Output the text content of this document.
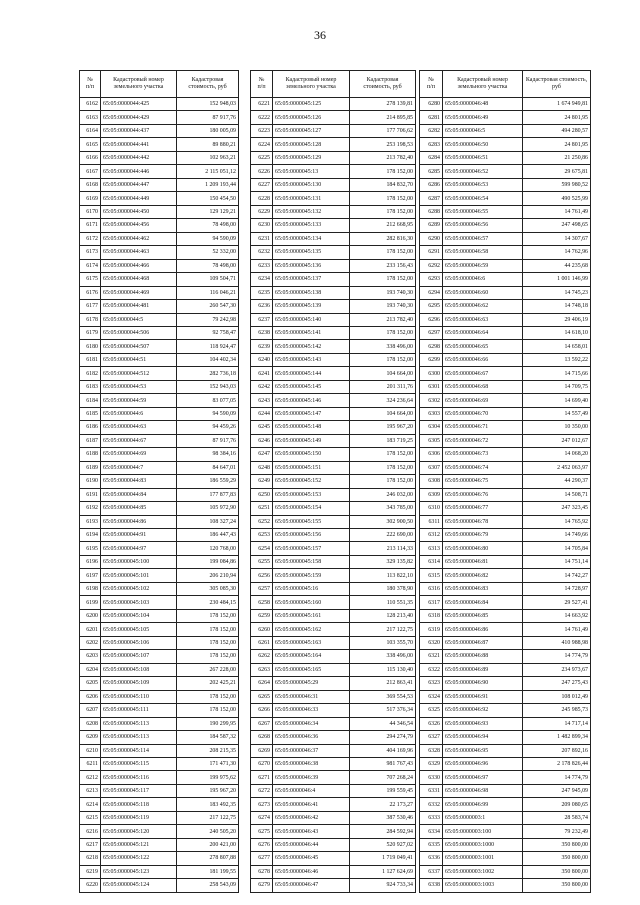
36
№
п/п	Кадастровый номер земельного участка	Кадастровая стоимость, руб
6162	65:05:0000044:425	152 948,03
6163	65:05:0000044:429	87 917,76
6164	65:05:0000044:437	180 005,09
6165	65:05:0000044:441	89 880,21
6166	65:05:0000044:442	102 963,21
6167	65:05:0000044:446	2 115 051,12
6168	65:05:0000044:447	1 209 193,44
6169	65:05:0000044:449	150 454,50
6170	65:05:0000044:450	129 129,21
6171	65:05:0000044:456	78 498,00
6172	65:05:0000044:462	94 590,09
6173	65:05:0000044:463	52 332,00
6174	65:05:0000044:466	78 498,00
6175	65:05:0000044:468	109 504,71
6176	65:05:0000044:469	116 046,21
6177	65:05:0000044:481	260 547,30
6178	65:05:0000044:5	79 242,98
6179	65:05:0000044:506	92 758,47
6180	65:05:0000044:507	118 924,47
6181	65:05:0000044:51	104 402,34
6182	65:05:0000044:512	282 736,18
6183	65:05:0000044:53	152 943,03
6184	65:05:0000044:59	83 077,05
6185	65:05:0000044:6	94 590,09
6186	65:05:0000044:63	94 459,26
6187	65:05:0000044:67	87 917,76
6188	65:05:0000044:69	98 384,16
6189	65:05:0000044:7	84 647,01
6190	65:05:0000044:83	186 559,29
6191	65:05:0000044:84	177 877,83
6192	65:05:0000044:85	105 972,90
6193	65:05:0000044:86	108 327,24
6194	65:05:0000044:91	186 447,43
6195	65:05:0000044:97	120 768,00
6196	65:05:0000045:100	199 084,86
6197	65:05:0000045:101	206 210,94
6198	65:05:0000045:102	305 085,30
6199	65:05:0000045:103	230 484,15
6200	65:05:0000045:104	178 152,00
6201	65:05:0000045:105	178 152,00
6202	65:05:0000045:106	178 152,00
6203	65:05:0000045:107	178 152,00
6204	65:05:0000045:108	267 228,00
6205	65:05:0000045:109	202 425,21
6206	65:05:0000045:110	178 152,00
6207	65:05:0000045:111	178 152,00
6208	65:05:0000045:113	190 299,95
6209	65:05:0000045:113	184 587,32
6210	65:05:0000045:114	208 215,35
6211	65:05:0000045:115	171 471,30
6212	65:05:0000045:116	199 975,62
6213	65:05:0000045:117	195 967,20
6214	65:05:0000045:118	183 492,35
6215	65:05:0000045:119	217 122,75
6216	65:05:0000045:120	240 505,20
6217	65:05:0000045:121	200 421,00
6218	65:05:0000045:122	278 807,88
6219	65:05:0000045:123	181 199,55
6220	65:05:0000045:124	258 543,09
№
п/п	Кадастровый номер земельного участка	Кадастровая стоимость, руб
6221	65:05:0000045:125	278 139,81
6222	65:05:0000045:126	214 895,85
6223	65:05:0000045:127	177 706,62
6224	65:05:0000045:128	253 198,53
6225	65:05:0000045:129	213 782,40
6226	65:05:0000045:13	178 152,00
6227	65:05:0000045:130	184 832,70
6228	65:05:0000045:131	178 152,00
6229	65:05:0000045:132	178 152,00
6230	65:05:0000045:133	212 668,95
6231	65:05:0000045:134	282 816,30
6232	65:05:0000045:135	178 152,00
6233	65:05:0000045:136	233 156,43
6234	65:05:0000045:137	178 152,00
6235	65:05:0000045:138	193 740,30
6236	65:05:0000045:139	193 740,30
6237	65:05:0000045:140	213 782,40
6238	65:05:0000045:141	178 152,00
6239	65:05:0000045:142	338 496,00
6240	65:05:0000045:143	178 152,00
6241	65:05:0000045:144	104 664,00
6242	65:05:0000045:145	201 311,76
6243	65:05:0000045:146	324 236,64
6244	65:05:0000045:147	104 664,00
6245	65:05:0000045:148	195 967,20
6246	65:05:0000045:149	183 719,25
6247	65:05:0000045:150	178 152,00
6248	65:05:0000045:151	178 152,00
6249	65:05:0000045:152	178 152,00
6250	65:05:0000045:153	246 032,00
6251	65:05:0000045:154	343 785,00
6252	65:05:0000045:155	302 900,50
6253	65:05:0000045:156	222 690,00
6254	65:05:0000045:157	213 114,33
6255	65:05:0000045:158	329 135,82
6256	65:05:0000045:159	113 822,10
6257	65:05:0000045:16	180 378,90
6258	65:05:0000045:160	110 551,35
6259	65:05:0000045:161	128 213,40
6260	65:05:0000045:162	217 122,75
6261	65:05:0000045:163	103 355,70
6262	65:05:0000045:164	338 496,00
6263	65:05:0000045:165	115 130,40
6264	65:05:0000045:29	212 863,41
6265	65:05:0000046:31	369 554,53
6266	65:05:0000046:33	517 376,34
6267	65:05:0000046:34	44 346,54
6268	65:05:0000046:36	294 274,79
6269	65:05:0000046:37	404 169,96
6270	65:05:0000046:38	981 767,43
6271	65:05:0000046:39	707 268,24
6272	65:05:0000046:4	199 559,45
6273	65:05:0000046:41	22 173,27
6274	65:05:0000046:42	387 530,46
6275	65:05:0000046:43	284 592,94
6276	65:05:0000046:44	520 927,02
6277	65:05:0000046:45	1 719 049,41
6278	65:05:0000046:46	1 127 624,69
6279	65:05:0000046:47	924 733,34
№
п/п	Кадастровый номер земельного участка	Кадастровая стоимость, руб
6280	65:05:0000046:48	1 674 949,81
6281	65:05:0000046:49	24 801,95
6282	65:05:0000046:5	494 280,57
6283	65:05:0000046:50	24 801,95
6284	65:05:0000046:51	21 250,86
6285	65:05:0000046:52	29 675,81
6286	65:05:0000046:53	599 980,52
6287	65:05:0000046:54	490 525,99
6288	65:05:0000046:55	14 761,49
6289	65:05:0000046:56	247 498,65
6290	65:05:0000046:57	14 307,67
6291	65:05:0000046:58	14 762,96
6292	65:05:0000046:59	44 235,68
6293	65:05:0000046:6	1 001 146,99
6294	65:05:0000046:60	14 745,23
6295	65:05:0000046:62	14 748,18
6296	65:05:0000046:63	29 406,19
6297	65:05:0000046:64	14 618,10
6298	65:05:0000046:65	14 658,01
6299	65:05:0000046:66	13 592,22
6300	65:05:0000046:67	14 715,66
6301	65:05:0000046:68	14 709,75
6302	65:05:0000046:69	14 699,40
6303	65:05:0000046:70	14 557,49
6304	65:05:0000046:71	10 350,00
6305	65:05:0000046:72	247 012,67
6306	65:05:0000046:73	14 068,20
6307	65:05:0000046:74	2 452 063,97
6308	65:05:0000046:75	44 290,37
6309	65:05:0000046:76	14 508,71
6310	65:05:0000046:77	247 323,45
6311	65:05:0000046:78	14 765,92
6312	65:05:0000046:79	14 749,66
6313	65:05:0000046:80	14 705,84
6314	65:05:0000046:81	14 751,14
6315	65:05:0000046:82	14 742,27
6316	65:05:0000046:83	14 728,97
6317	65:05:0000046:84	29 527,41
6318	65:05:0000046:85	14 663,92
6319	65:05:0000046:86	14 761,49
6320	65:05:0000046:87	410 988,98
6321	65:05:0000046:88	14 774,79
6322	65:05:0000046:89	234 973,67
6323	65:05:0000046:90	247 275,43
6324	65:05:0000046:91	108 012,49
6325	65:05:0000046:92	245 985,73
6326	65:05:0000046:93	14 717,14
6327	65:05:0000046:94	1 482 899,34
6328	65:05:0000046:95	207 892,16
6329	65:05:0000046:96	2 178 826,44
6330	65:05:0000046:97	14 774,79
6331	65:05:0000046:98	247 945,09
6332	65:05:0000046:99	209 080,65
6333	65:05:0000003:1	28 583,74
6334	65:05:0000003:100	79 232,49
6335	65:05:0000003:1000	350 800,00
6336	65:05:0000003:1001	350 800,00
6337	65:05:0000003:1002	350 800,00
6338	65:05:0000003:1003	350 800,00
